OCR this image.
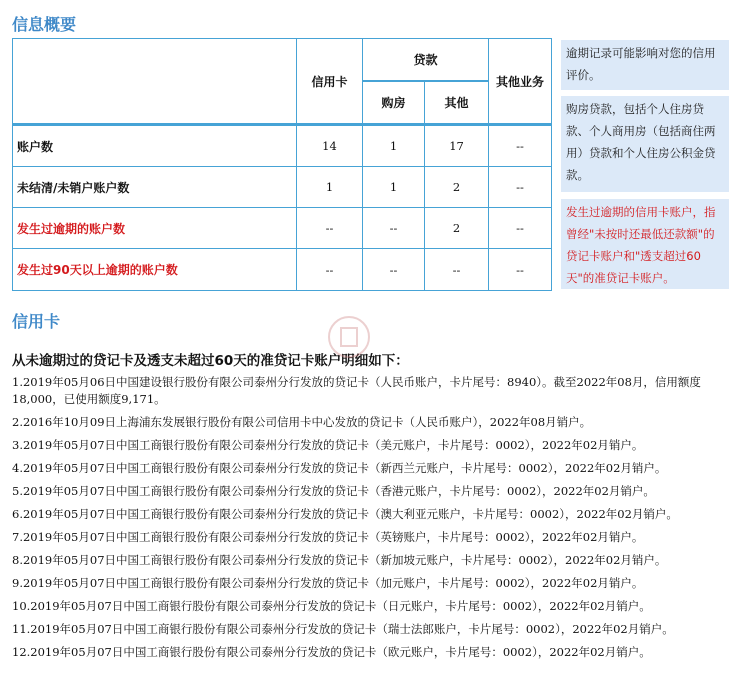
信息概要
	信用卡	贷款		其他业务
		购房	其他	
账户数	14	1	17	--
未结清/未销户账户数	1	1	2	--
发生过逾期的账户数	--	--	2	--
发生过90天以上逾期的账户数	--	--	--	--
逾期记录可能影响对您的信用评价。
购房贷款，包括个人住房贷款、个人商用房（包括商住两用）贷款和个人住房公积金贷款。
发生过逾期的信用卡账户，指曾经"未按时还最低还款额"的贷记卡账户和"透支超过60天"的准贷记卡账户。
信用卡
从未逾期过的贷记卡及透支未超过60天的准贷记卡账户明细如下：
1.2019年05月06日中国建设银行股份有限公司泰州分行发放的贷记卡（人民币账户，卡片尾号：8940）。截至2022年08月，信用额度18,000，已使用额度9,171。
2.2016年10月09日上海浦东发展银行股份有限公司信用卡中心发放的贷记卡（人民币账户），2022年08月销户。
3.2019年05月07日中国工商银行股份有限公司泰州分行发放的贷记卡（美元账户，卡片尾号：0002），2022年02月销户。
4.2019年05月07日中国工商银行股份有限公司泰州分行发放的贷记卡（新西兰元账户，卡片尾号：0002），2022年02月销户。
5.2019年05月07日中国工商银行股份有限公司泰州分行发放的贷记卡（香港元账户，卡片尾号：0002），2022年02月销户。
6.2019年05月07日中国工商银行股份有限公司泰州分行发放的贷记卡（澳大利亚元账户，卡片尾号：0002），2022年02月销户。
7.2019年05月07日中国工商银行股份有限公司泰州分行发放的贷记卡（英镑账户，卡片尾号：0002），2022年02月销户。
8.2019年05月07日中国工商银行股份有限公司泰州分行发放的贷记卡（新加坡元账户，卡片尾号：0002），2022年02月销户。
9.2019年05月07日中国工商银行股份有限公司泰州分行发放的贷记卡（加元账户，卡片尾号：0002），2022年02月销户。
10.2019年05月07日中国工商银行股份有限公司泰州分行发放的贷记卡（日元账户，卡片尾号：0002），2022年02月销户。
11.2019年05月07日中国工商银行股份有限公司泰州分行发放的贷记卡（瑞士法郎账户，卡片尾号：0002），2022年02月销户。
12.2019年05月07日中国工商银行股份有限公司泰州分行发放的贷记卡（欧元账户，卡片尾号：0002），2022年02月销户。
